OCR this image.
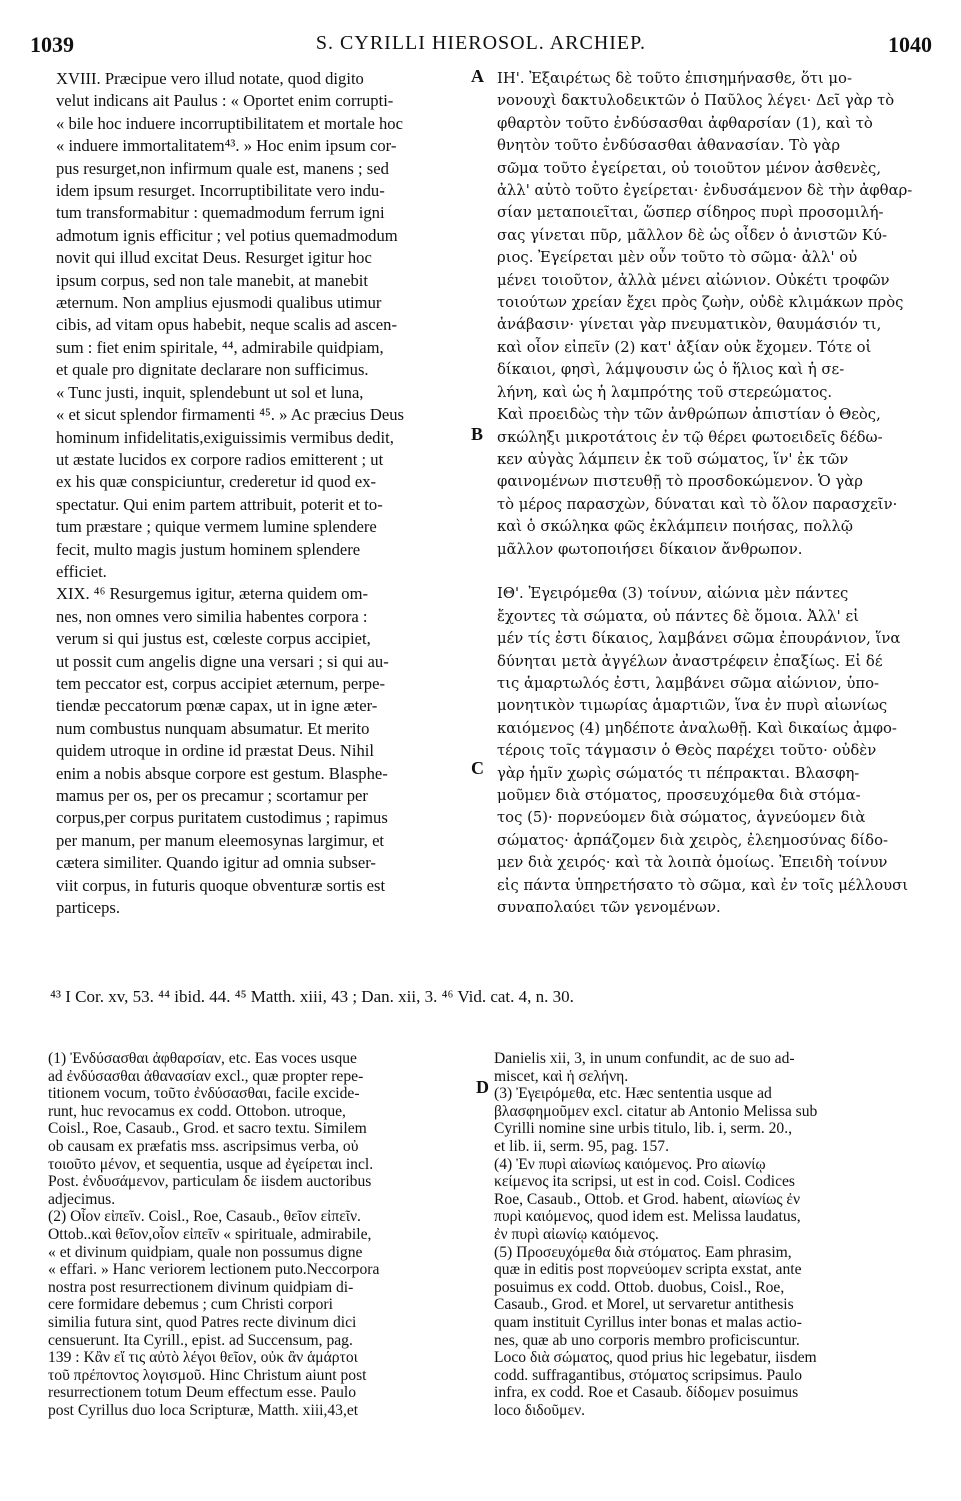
1039	S. CYRILLI HIEROSOL. ARCHIEP.	1040
XVIII. Præcipue vero illud notate, quod digito
velut indicans ait Paulus : « Oportet enim corrupti-
« bile hoc induere incorruptibilitatem et mortale hoc
« induere immortalitatem⁴³. » Hoc enim ipsum cor-
pus resurget,non infirmum quale est, manens ; sed
idem ipsum resurget. Incorruptibilitate vero indu-
tum transformabitur : quemadmodum ferrum igni
admotum ignis efficitur ; vel potius quemadmodum
novit qui illud excitat Deus. Resurget igitur hoc
ipsum corpus, sed non tale manebit, at manebit
æternum. Non amplius ejusmodi qualibus utimur
cibis, ad vitam opus habebit, neque scalis ad ascen-
sum : fiet enim spiritale, ⁴⁴, admirabile quidpiam,
et quale pro dignitate declarare non sufficimus.
« Tunc justi, inquit, splendebunt ut sol et luna,
« et sicut splendor firmamenti ⁴⁵. » Ac præcius Deus
hominum infidelitatis,exiguissimis vermibus dedit,
ut æstate lucidos ex corpore radios emitterent ; ut
ex his quæ conspiciuntur, crederetur id quod ex-
spectatur. Qui enim partem attribuit, poterit et to-
tum præstare ; quique vermem lumine splendere
fecit, multo magis justum hominem splendere
efficiet.
XIX. ⁴⁶ Resurgemus igitur, æterna quidem om-
nes, non omnes vero similia habentes corpora :
verum si qui justus est, cœleste corpus accipiet,
ut possit cum angelis digne una versari ; si qui au-
tem peccator est, corpus accipiet æternum, perpe-
tiendæ peccatorum pœnæ capax, ut in igne æter-
num combustus nunquam absumatur. Et merito
quidem utroque in ordine id præstat Deus. Nihil
enim a nobis absque corpore est gestum. Blasphe-
mamus per os, per os precamur ; scortamur per
corpus,per corpus puritatem custodimus ; rapimus
per manum, per manum eleemosynas largimur, et
cætera similiter. Quando igitur ad omnia subser-
viit corpus, in futuris quoque obventuræ sortis est
particeps.
ΙΗ'. Ἐξαιρέτως δὲ τοῦτο ἐπισημήνασθε, ὅτι μο-
νονουχὶ δακτυλοδεικτῶν ὁ Παῦλος λέγει· Δεῖ γὰρ τὸ
φθαρτὸν τοῦτο ἐνδύσασθαι ἀφθαρσίαν (1), καὶ τὸ
θνητὸν τοῦτο ἐνδύσασθαι ἀθανασίαν. Τὸ γὰρ
σῶμα τοῦτο ἐγείρεται, οὐ τοιοῦτον μένον ἀσθενὲς,
ἀλλ' αὐτὸ τοῦτο ἐγείρεται· ἐνδυσάμενον δὲ τὴν ἀφθαρ-
σίαν μεταποιεῖται, ὥσπερ σίδηρος πυρὶ προσομιλή-
σας γίνεται πῦρ, μᾶλλον δὲ ὡς οἶδεν ὁ ἀνιστῶν Κύ-
ριος. Ἐγείρεται μὲν οὖν τοῦτο τὸ σῶμα· ἀλλ' οὐ
μένει τοιοῦτον, ἀλλὰ μένει αἰώνιον. Οὐκέτι τροφῶν
τοιούτων χρείαν ἔχει πρὸς ζωὴν, οὐδὲ κλιμάκων πρὸς
ἀνάβασιν· γίνεται γὰρ πνευματικὸν, θαυμάσιόν τι,
καὶ οἷον εἰπεῖν (2) κατ' ἀξίαν οὐκ ἔχομεν. Τότε οἱ
δίκαιοι, φησὶ, λάμψουσιν ὡς ὁ ἥλιος καὶ ἡ σε-
λήνη, καὶ ὡς ἡ λαμπρότης τοῦ στερεώματος.
Καὶ προειδὼς τὴν τῶν ἀνθρώπων ἀπιστίαν ὁ Θεὸς,
σκώληξι μικροτάτοις ἐν τῷ θέρει φωτοειδεῖς δέδω-
κεν αὐγὰς λάμπειν ἐκ τοῦ σώματος, ἵν' ἐκ τῶν
φαινομένων πιστευθῇ τὸ προσδοκώμενον. Ὁ γὰρ
τὸ μέρος παρασχὼν, δύναται καὶ τὸ ὅλον παρασχεῖν·
καὶ ὁ σκώληκα φῶς ἐκλάμπειν ποιήσας, πολλῷ
μᾶλλον φωτοποιήσει δίκαιον ἄνθρωπον.

ΙΘ'. Ἐγειρόμεθα (3) τοίνυν, αἰώνια μὲν πάντες
ἔχοντες τὰ σώματα, οὐ πάντες δὲ ὅμοια. Ἀλλ' εἰ
μέν τίς ἐστι δίκαιος, λαμβάνει σῶμα ἐπουράνιον, ἵνα
δύνηται μετὰ ἀγγέλων ἀναστρέφειν ἐπαξίως. Εἰ δέ
τις ἁμαρτωλός ἐστι, λαμβάνει σῶμα αἰώνιον, ὑπο-
μονητικὸν τιμωρίας ἁμαρτιῶν, ἵνα ἐν πυρὶ αἰωνίως
καιόμενος (4) μηδέποτε ἀναλωθῇ. Καὶ δικαίως ἀμφο-
τέροις τοῖς τάγμασιν ὁ Θεὸς παρέχει τοῦτο· οὐδὲν
γὰρ ἡμῖν χωρὶς σώματός τι πέπρακται. Βλασφη-
μοῦμεν διὰ στόματος, προσευχόμεθα διὰ στόμα-
τος (5)· πορνεύομεν διὰ σώματος, ἁγνεύομεν διὰ
σώματος· ἁρπάζομεν διὰ χειρὸς, ἐλεημοσύνας δίδο-
μεν διὰ χειρός· καὶ τὰ λοιπὰ ὁμοίως. Ἐπειδὴ τοίνυν
εἰς πάντα ὑπηρετήσατο τὸ σῶμα, καὶ ἐν τοῖς μέλλουσι
συναπολαύει τῶν γενομένων.
A
B
C
D
⁴³ I Cor. xv, 53. ⁴⁴ ibid. 44. ⁴⁵ Matth. xiii, 43 ; Dan. xii, 3. ⁴⁶ Vid. cat. 4, n. 30.
(1) Ἐνδύσασθαι ἀφθαρσίαν, etc. Eas voces usque
ad ἐνδύσασθαι ἀθανασίαν excl., quæ propter repe-
titionem vocum, τοῦτο ἐνδύσασθαι, facile excide-
runt, huc revocamus ex codd. Ottobon. utroque,
Coisl., Roe, Casaub., Grod. et sacro textu. Similem
ob causam ex præfatis mss. ascripsimus verba, οὐ
τοιοῦτο μένον, et sequentia, usque ad ἐγείρεται incl.
Post. ἐνδυσάμενον, particulam δε iisdem auctoribus
adjecimus.
(2) Οἷον εἰπεῖν. Coisl., Roe, Casaub., θεῖον εἰπεῖν.
Ottob..καὶ θεῖον,οἷον εἰπεῖν « spirituale, admirabile,
« et divinum quidpiam, quale non possumus digne
« effari. » Hanc veriorem lectionem puto.Neccorpora
nostra post resurrectionem divinum quidpiam di-
cere formidare debemus ; cum Christi corpori
similia futura sint, quod Patres recte divinum dici
censuerunt. Ita Cyrill., epist. ad Succensum, pag.
139 : Κἂν εἴ τις αὐτὸ λέγοι θεῖον, οὐκ ἂν ἁμάρτοι
τοῦ πρέποντος λογισμοῦ. Hinc Christum aiunt post
resurrectionem totum Deum effectum esse. Paulo
post Cyrillus duo loca Scripturæ, Matth. xiii,43,et
Danielis xii, 3, in unum confundit, ac de suo ad-
miscet, καὶ ἡ σελήνη.
(3) Ἐγειρόμεθα, etc. Hæc sententia usque ad
βλασφημοῦμεν excl. citatur ab Antonio Melissa sub
Cyrilli nomine sine urbis titulo, lib. i, serm. 20.,
et lib. ii, serm. 95, pag. 157.
(4) Ἐν πυρὶ αἰωνίως καιόμενος. Pro αἰωνίῳ
κείμενος ita scripsi, ut est in cod. Coisl. Codices
Roe, Casaub., Ottob. et Grod. habent, αἰωνίως ἐν
πυρὶ καιόμενος, quod idem est. Melissa laudatus,
ἐν πυρὶ αἰωνίῳ καιόμενος.
(5) Προσευχόμεθα διὰ στόματος. Eam phrasim,
quæ in editis post πορνεύομεν scripta exstat, ante
posuimus ex codd. Ottob. duobus, Coisl., Roe,
Casaub., Grod. et Morel, ut servaretur antithesis
quam instituit Cyrillus inter bonas et malas actio-
nes, quæ ab uno corporis membro proficiscuntur.
Loco διὰ σώματος, quod prius hic legebatur, iisdem
codd. suffragantibus, στόματος scripsimus. Paulo
infra, ex codd. Roe et Casaub. δίδομεν posuimus
loco διδοῦμεν.
